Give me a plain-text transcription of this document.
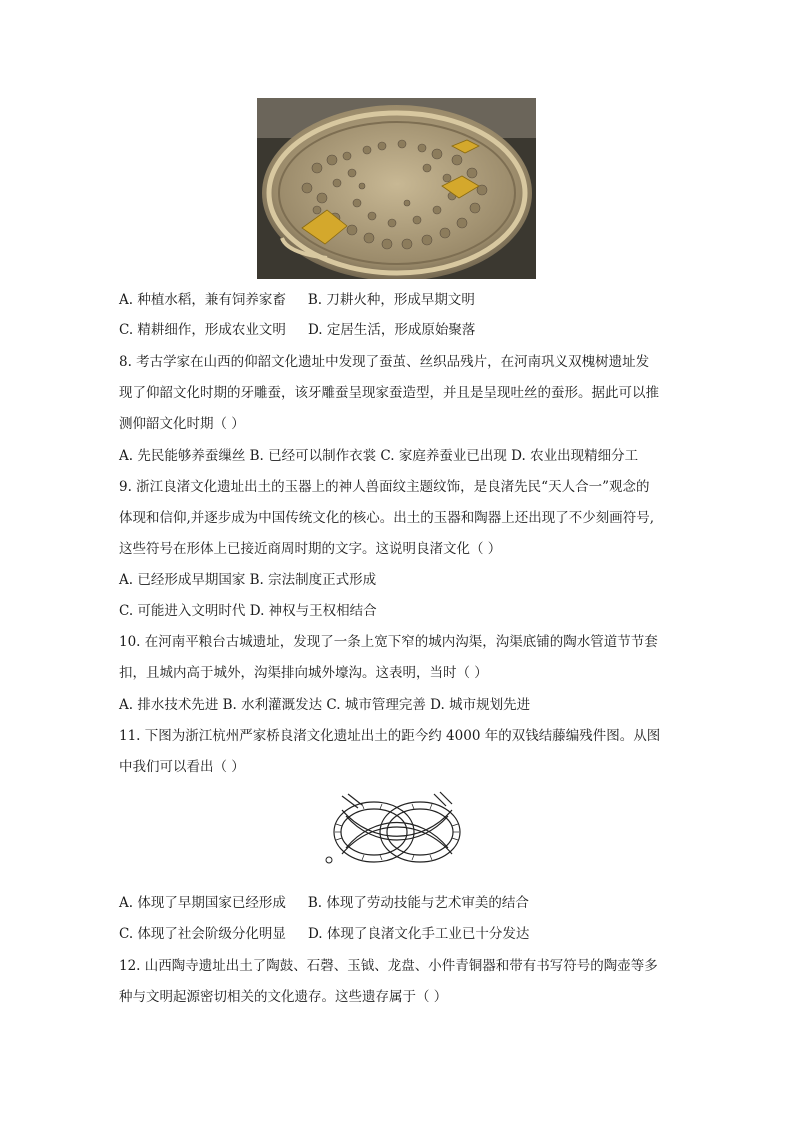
A. 种植水稻，兼有饲养家畜 B. 刀耕火种，形成早期文明
C. 精耕细作，形成农业文明 D. 定居生活，形成原始聚落
8. 考古学家在山西的仰韶文化遗址中发现了蚕茧、丝织品残片，在河南巩义双槐树遗址发
现了仰韶文化时期的牙雕蚕，该牙雕蚕呈现家蚕造型，并且是呈现吐丝的蚕形。据此可以推
测仰韶文化时期（ ）
A. 先民能够养蚕缫丝 B. 已经可以制作衣裳 C. 家庭养蚕业已出现 D. 农业出现精细分工
9. 浙江良渚文化遗址出土的玉器上的神人兽面纹主题纹饰，是良渚先民“天人合一”观念的
体现和信仰,并逐步成为中国传统文化的核心。出土的玉器和陶器上还出现了不少刻画符号,
这些符号在形体上已接近商周时期的文字。这说明良渚文化（ ）
A. 已经形成早期国家 B. 宗法制度正式形成
C. 可能进入文明时代 D. 神权与王权相结合
10. 在河南平粮台古城遗址，发现了一条上宽下窄的城内沟渠，沟渠底铺的陶水管道节节套
扣，且城内高于城外，沟渠排向城外壕沟。这表明，当时（ ）
A. 排水技术先进 B. 水利灌溉发达 C. 城市管理完善 D. 城市规划先进
11. 下图为浙江杭州严家桥良渚文化遗址出土的距今约 4000 年的双钱结藤编残件图。从图
中我们可以看出（ ）
A. 体现了早期国家已经形成 B. 体现了劳动技能与艺术审美的结合
C. 体现了社会阶级分化明显 D. 体现了良渚文化手工业已十分发达
12. 山西陶寺遗址出土了陶鼓、石磬、玉钺、龙盘、小件青铜器和带有书写符号的陶壶等多
种与文明起源密切相关的文化遗存。这些遗存属于（ ）
